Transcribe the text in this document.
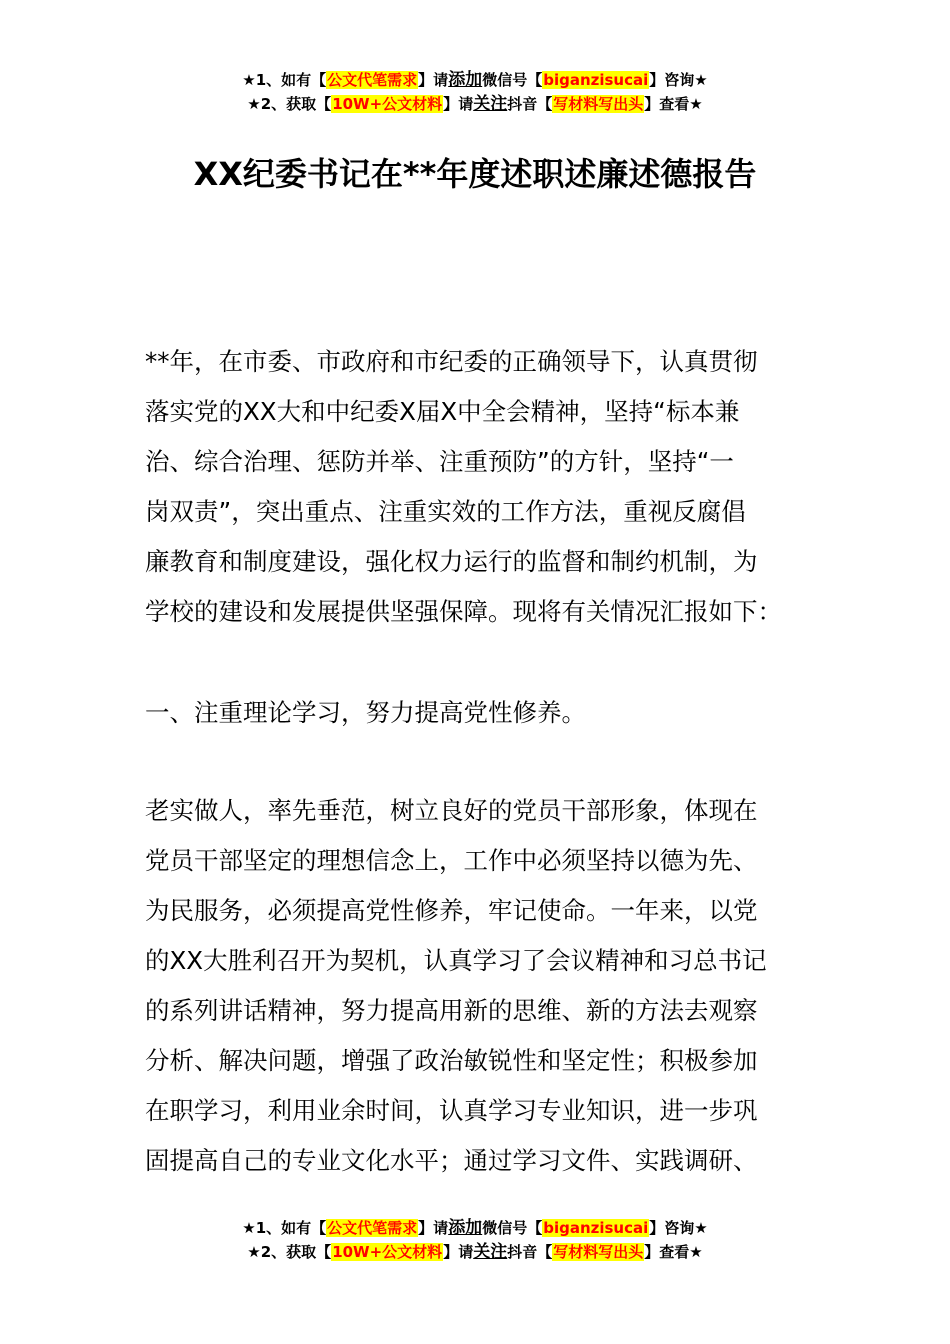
★1、如有【公文代笔需求】请添加微信号【biganzisucai】咨询★
★2、获取【10W+公文材料】请关注抖音【写材料写出头】查看★
XX纪委书记在**年度述职述廉述德报告
**年，在市委、市政府和市纪委的正确领导下，认真贯彻
落实党的XX大和中纪委X届X中全会精神，坚持“标本兼
治、综合治理、惩防并举、注重预防”的方针，坚持“一
岗双责”，突出重点、注重实效的工作方法，重视反腐倡
廉教育和制度建设，强化权力运行的监督和制约机制，为
学校的建设和发展提供坚强保障。现将有关情况汇报如下：
一、注重理论学习，努力提高党性修养。
老实做人，率先垂范，树立良好的党员干部形象，体现在
党员干部坚定的理想信念上，工作中必须坚持以德为先、
为民服务，必须提高党性修养，牢记使命。一年来，以党
的XX大胜利召开为契机，认真学习了会议精神和习总书记
的系列讲话精神，努力提高用新的思维、新的方法去观察
分析、解决问题，增强了政治敏锐性和坚定性；积极参加
在职学习，利用业余时间，认真学习专业知识，进一步巩
固提高自己的专业文化水平；通过学习文件、实践调研、
★1、如有【公文代笔需求】请添加微信号【biganzisucai】咨询★
★2、获取【10W+公文材料】请关注抖音【写材料写出头】查看★
